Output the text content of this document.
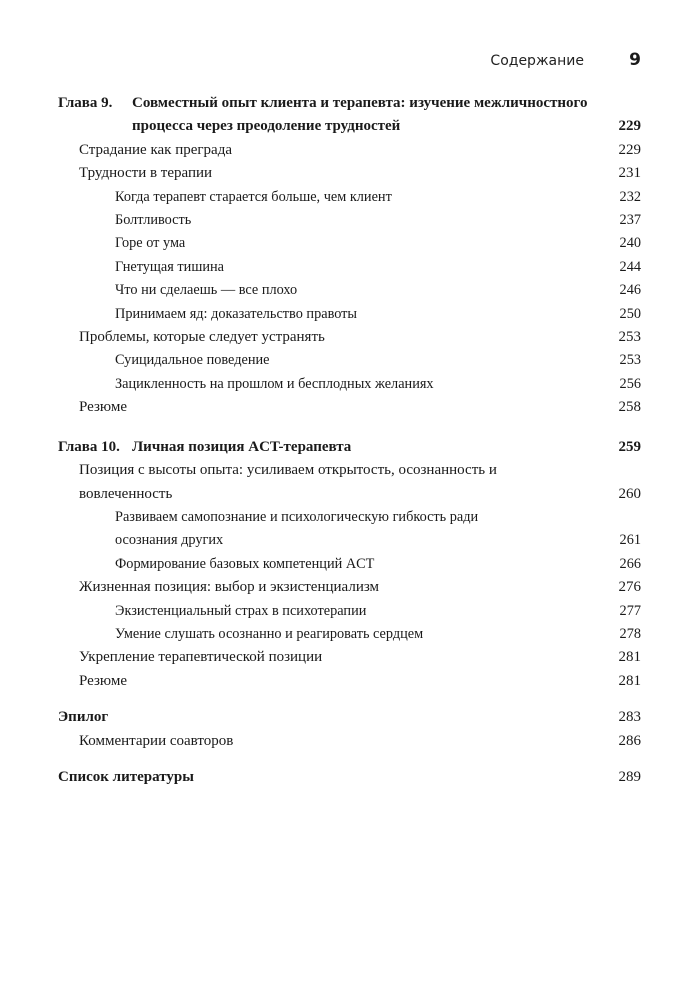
Содержание	9
Глава 9. Совместный опыт клиента и терапевта: изучение межличностного процесса через преодоление трудностей	229
Страдание как преграда	229
Трудности в терапии	231
Когда терапевт старается больше, чем клиент	232
Болтливость	237
Горе от ума	240
Гнетущая тишина	244
Что ни сделаешь — все плохо	246
Принимаем яд: доказательство правоты	250
Проблемы, которые следует устранять	253
Суицидальное поведение	253
Зацикленность на прошлом и бесплодных желаниях	256
Резюме	258
Глава 10. Личная позиция ACT-терапевта	259
Позиция с высоты опыта: усиливаем открытость, осознанность и вовлеченность	260
Развиваем самопознание и психологическую гибкость ради осознания других	261
Формирование базовых компетенций ACT	266
Жизненная позиция: выбор и экзистенциализм	276
Экзистенциальный страх в психотерапии	277
Умение слушать осознанно и реагировать сердцем	278
Укрепление терапевтической позиции	281
Резюме	281
Эпилог	283
Комментарии соавторов	286
Список литературы	289
